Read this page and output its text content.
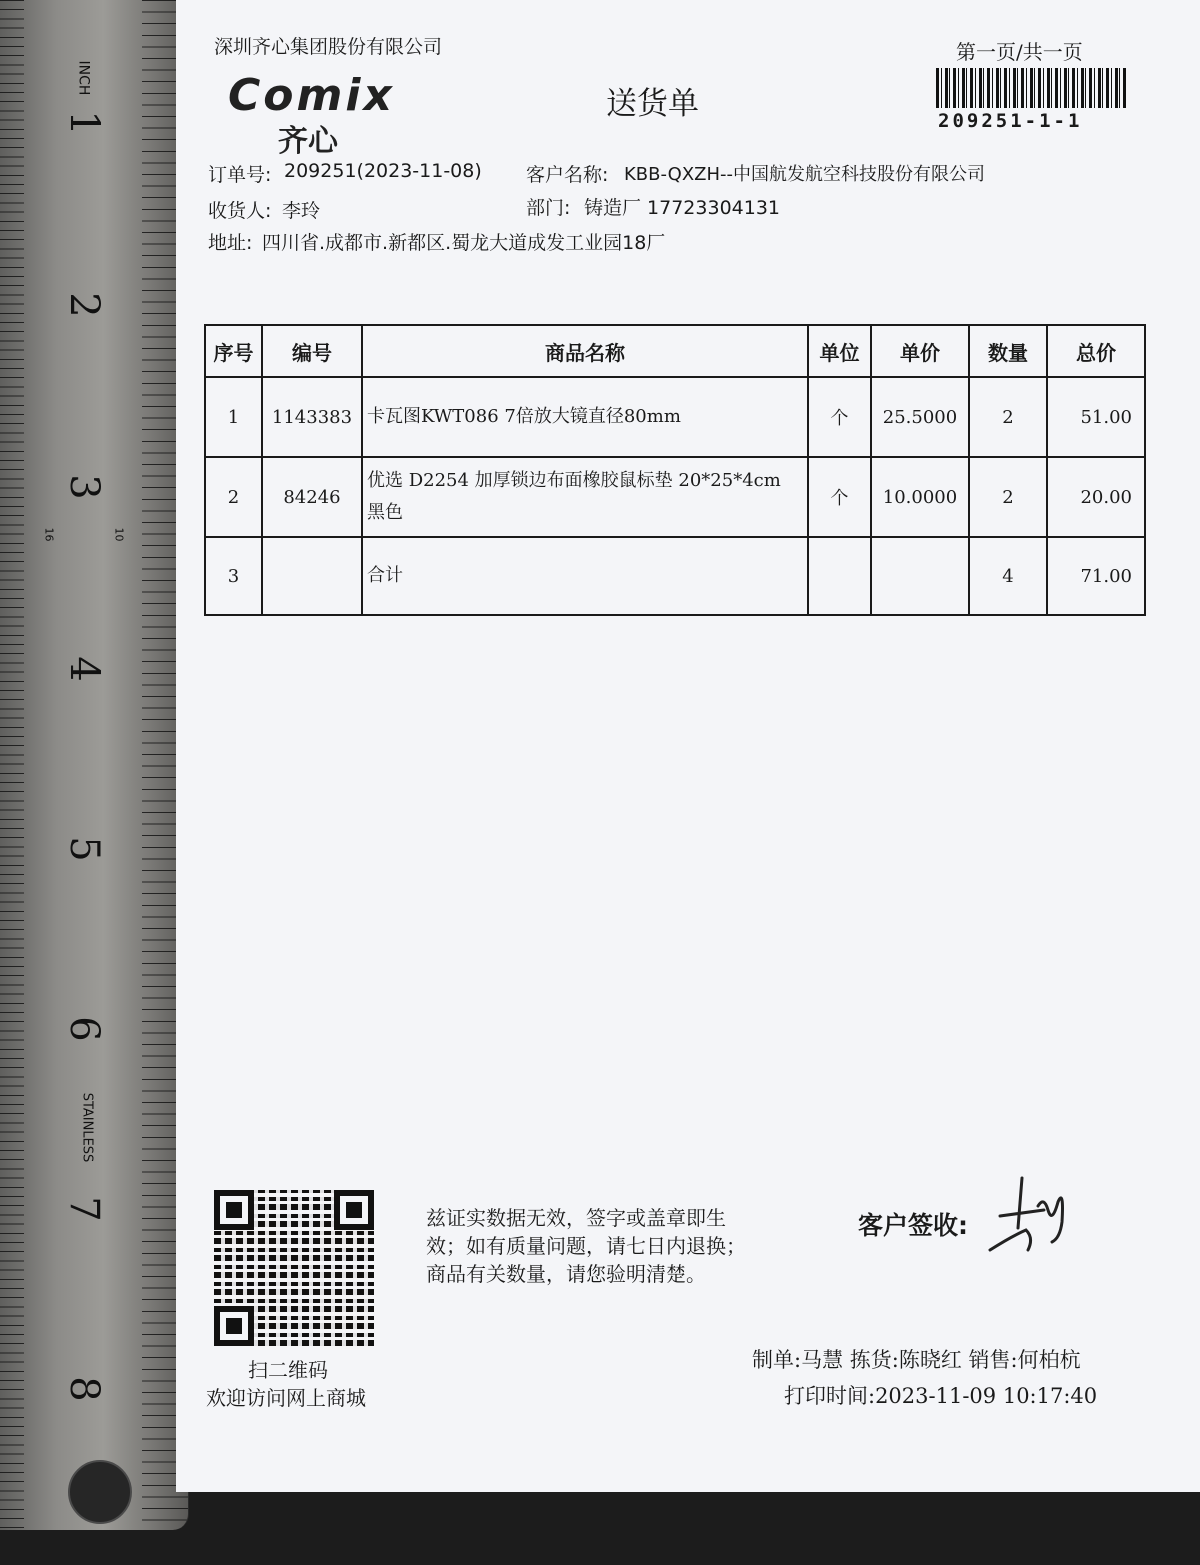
INCH
1
2
3
4
5
6
7
8
10
16
STAINLESS
深圳齐心集团股份有限公司
Comix
齐心
送货单
第一页/共一页
209251-1-1
订单号: 209251(2023-11-08) 客户名称: KBB-QXZH--中国航发航空科技股份有限公司
收货人: 李玲	部门: 铸造厂 17723304131
地址: 四川省.成都市.新都区.蜀龙大道成发工业园18厂
序号	编号	商品名称	单位	单价	数量	总价
1	1143383	卡瓦图KWT086 7倍放大镜直径80mm	个	25.5000	2	51.00
2	84246	优选 D2254 加厚锁边布面橡胶鼠标垫 20*25*4cm 黑色	个	10.0000	2	20.00
3		合计			4	71.00
扫二维码
欢迎访问网上商城
兹证实数据无效，签字或盖章即生
效；如有质量问题，请七日内退换；
商品有关数量，请您验明清楚。
客户签收:
制单:马慧 拣货:陈晓红 销售:何柏杭
打印时间:2023-11-09 10:17:40
